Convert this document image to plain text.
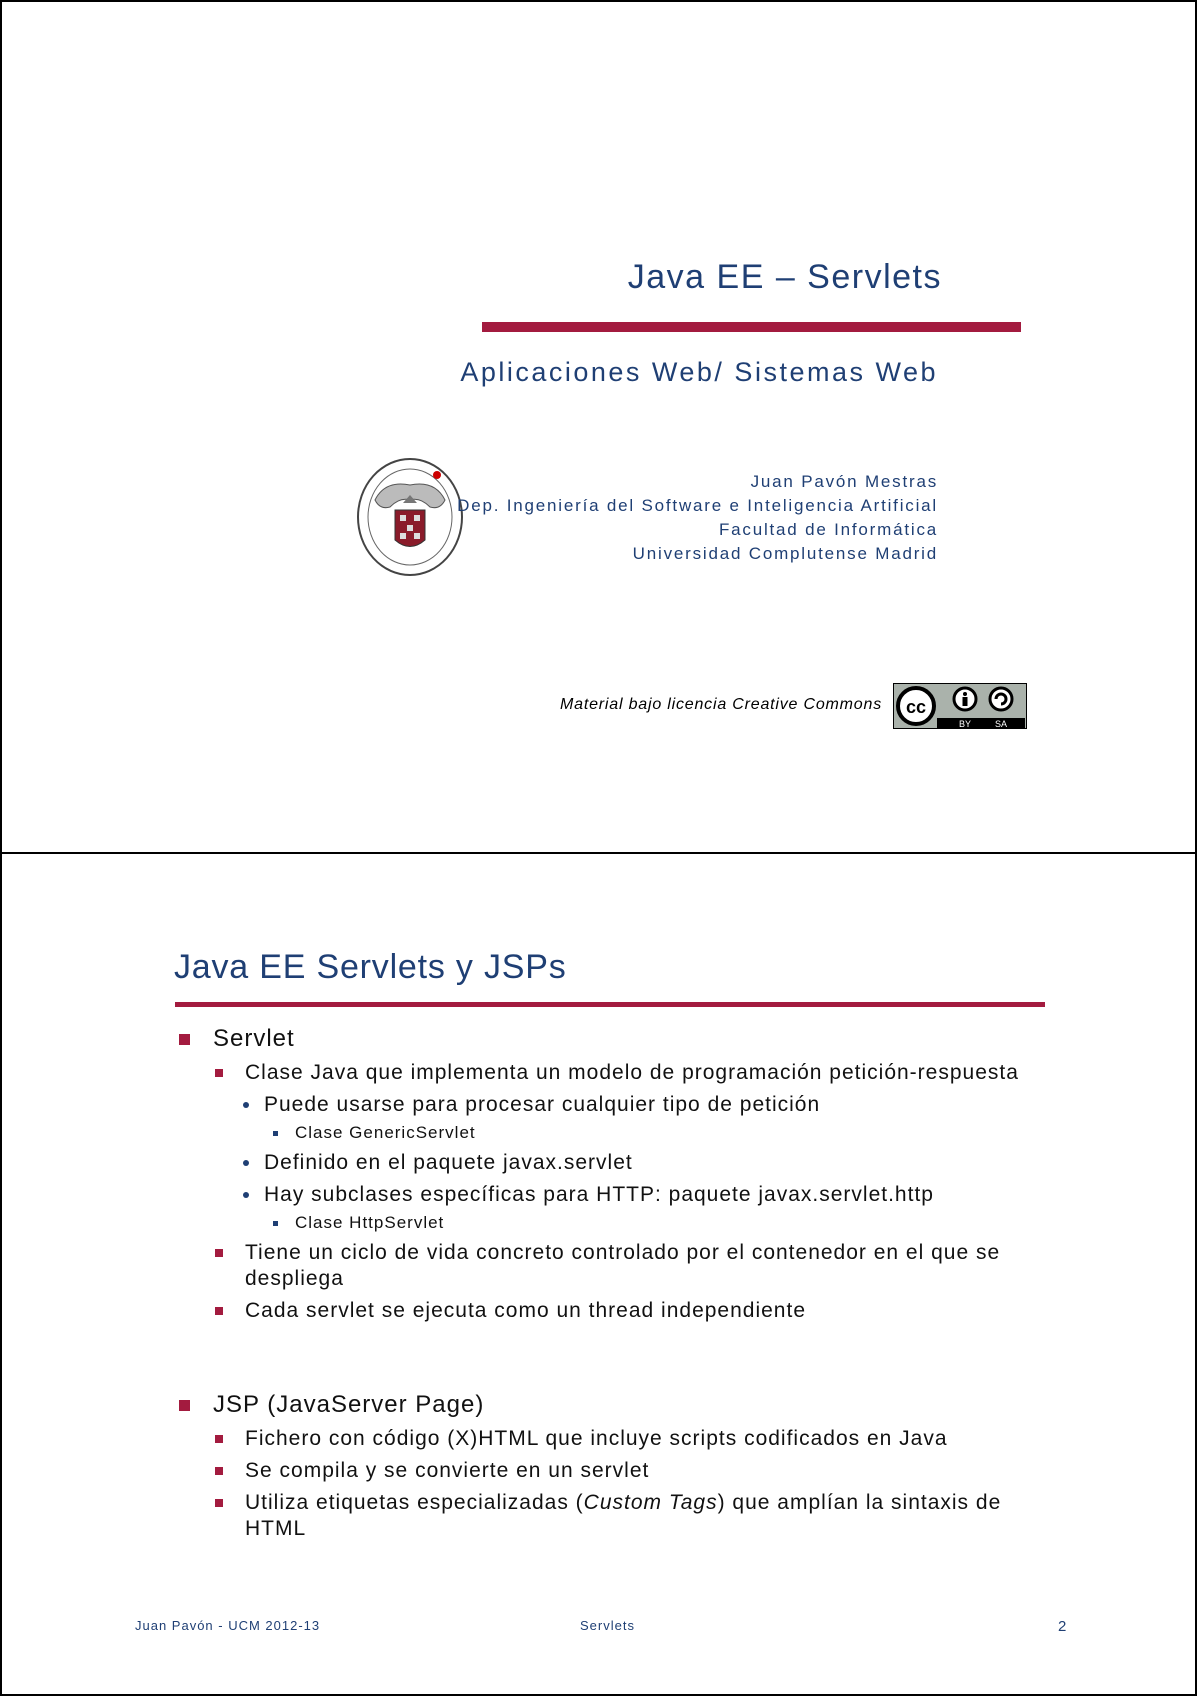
Java EE – Servlets
Aplicaciones Web/ Sistemas Web
Juan Pavón Mestras
Dep. Ingeniería del Software e Inteligencia Artificial
Facultad de Informática
Universidad Complutense Madrid
Material bajo licencia Creative Commons cc
BY	SA
Java EE Servlets y JSPs
Servlet
Clase Java que implementa un modelo de programación petición-respuesta
Puede usarse para procesar cualquier tipo de petición
Clase GenericServlet
Definido en el paquete javax.servlet
Hay subclases específicas para HTTP: paquete javax.servlet.http
Clase HttpServlet
Tiene un ciclo de vida concreto controlado por el contenedor en el que se despliega
Cada servlet se ejecuta como un thread independiente
JSP (JavaServer Page)
Fichero con código (X)HTML que incluye scripts codificados en Java
Se compila y se convierte en un servlet
Utiliza etiquetas especializadas (Custom Tags) que amplían la sintaxis de HTML
Juan Pavón - UCM 2012-13	Servlets	2
